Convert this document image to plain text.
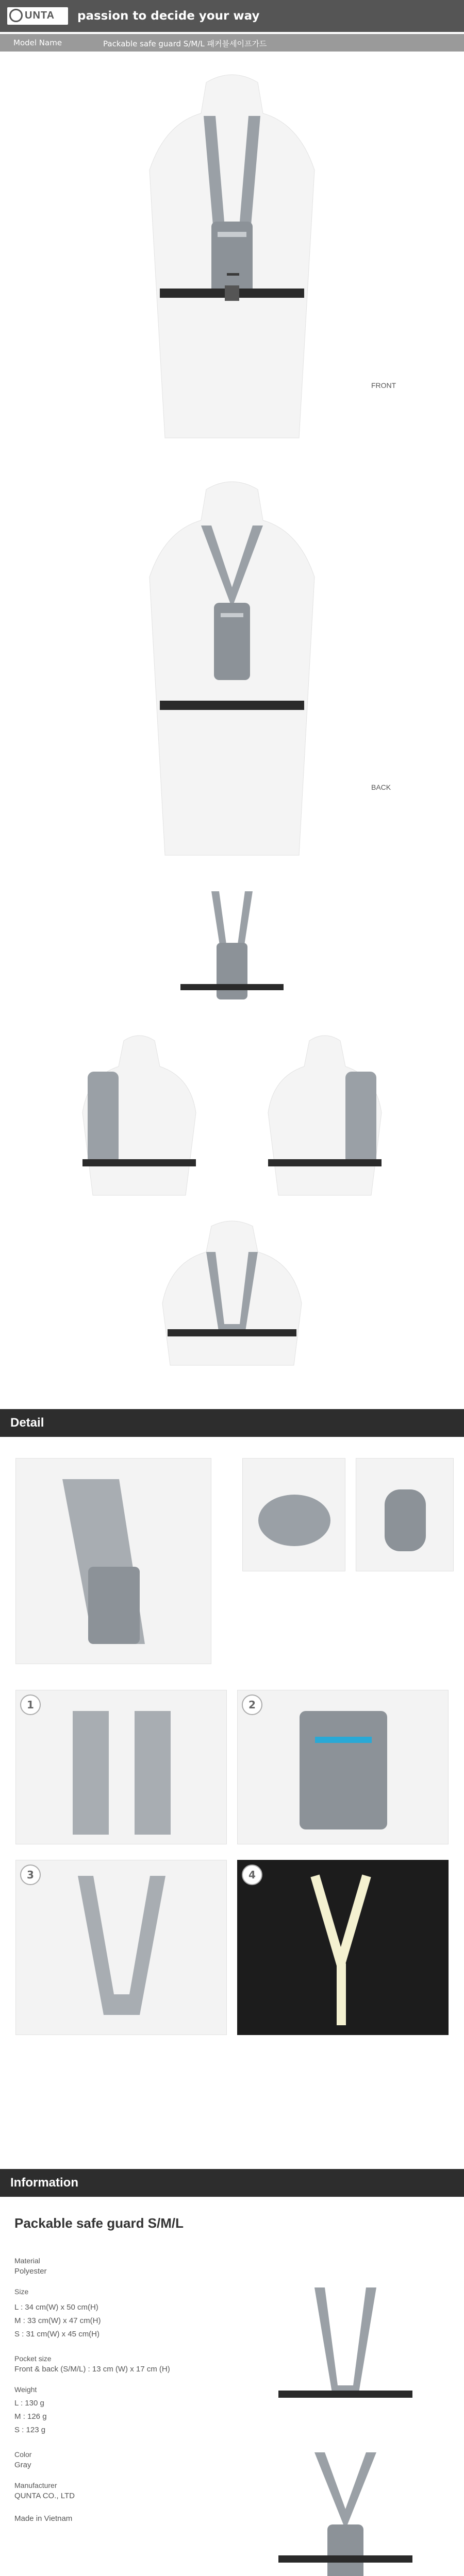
UNTA passion to decide your way
Model Name	Packable safe guard S/M/L 패커블세이프가드
FRONT
BACK
Detail
1	2
3	4
Information
Packable safe guard S/M/L
Material
Polyester
Size
L : 34 cm(W) x 50 cm(H)
M : 33 cm(W) x 47 cm(H)
S : 31 cm(W) x 45 cm(H)
Pocket size
Front & back (S/M/L) : 13 cm (W) x 17 cm (H)
Weight
L : 130 g
M : 126 g
S : 123 g
Color
Gray
Manufacturer
QUNTA CO., LTD
Made in Vietnam
